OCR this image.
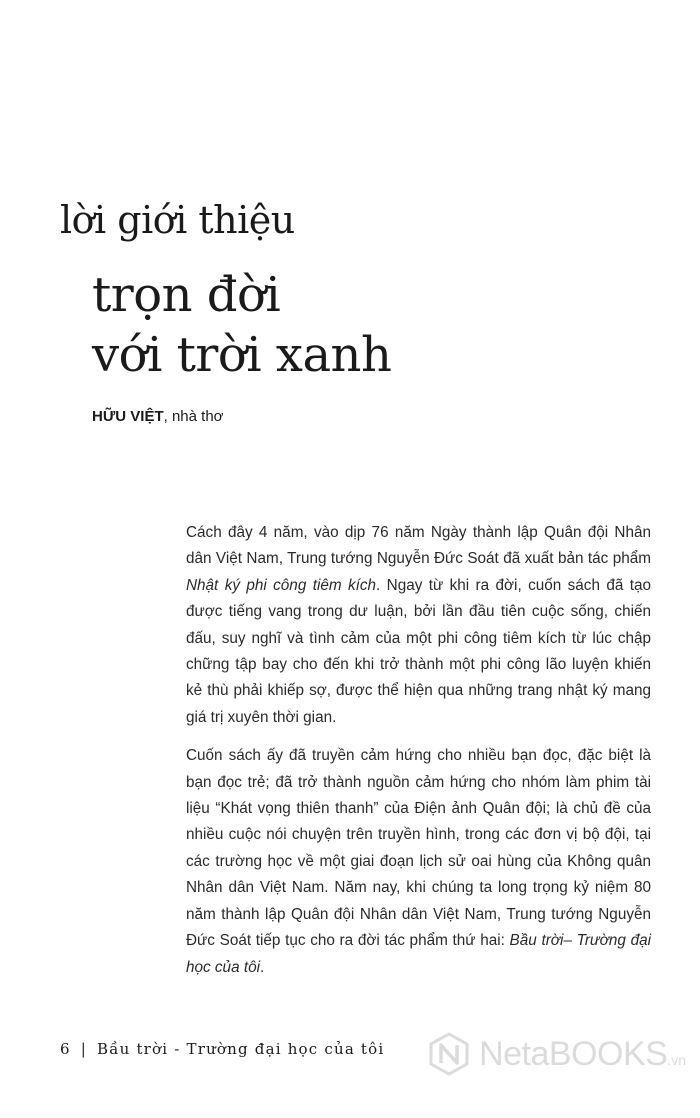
lời giới thiệu
trọn đời
với trời xanh
HỮU VIỆT, nhà thơ

Cách đây 4 năm, vào dịp 76 năm Ngày thành lập Quân đội Nhân dân Việt Nam, Trung tướng Nguyễn Đức Soát đã xuất bản tác phẩm Nhật ký phi công tiêm kích. Ngay từ khi ra đời, cuốn sách đã tạo được tiếng vang trong dư luận, bởi lần đầu tiên cuộc sống, chiến đấu, suy nghĩ và tình cảm của một phi công tiêm kích từ lúc chập chững tập bay cho đến khi trở thành một phi công lão luyện khiến kẻ thù phải khiếp sợ, được thể hiện qua những trang nhật ký mang giá trị xuyên thời gian.

Cuốn sách ấy đã truyền cảm hứng cho nhiều bạn đọc, đặc biệt là bạn đọc trẻ; đã trở thành nguồn cảm hứng cho nhóm làm phim tài liệu “Khát vọng thiên thanh” của Điện ảnh Quân đội; là chủ đề của nhiều cuộc nói chuyện trên truyền hình, trong các đơn vị bộ đội, tại các trường học về một giai đoạn lịch sử oai hùng của Không quân Nhân dân Việt Nam. Năm nay, khi chúng ta long trọng kỷ niệm 80 năm thành lập Quân đội Nhân dân Việt Nam, Trung tướng Nguyễn Đức Soát tiếp tục cho ra đời tác phẩm thứ hai: Bầu trời– Trường đại học của tôi.

6 | Bầu trời - Trường đại học của tôi	NetaBOOKS.vn
